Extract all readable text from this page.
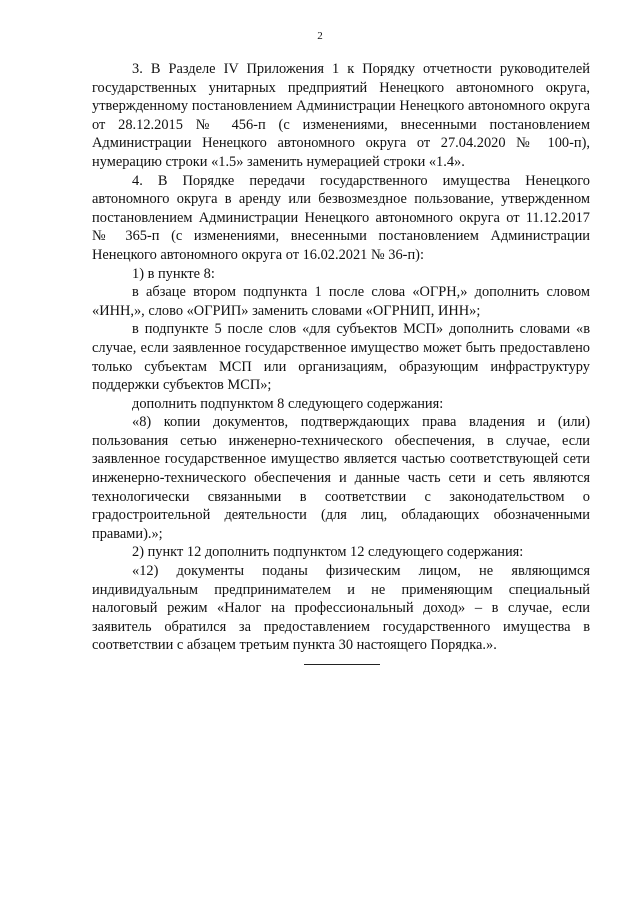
2

3. В Разделе IV Приложения 1 к Порядку отчетности руководителей государственных унитарных предприятий Ненецкого автономного округа, утвержденному постановлением Администрации Ненецкого автономного округа от 28.12.2015 № 456-п (с изменениями, внесенными постановлением Администрации Ненецкого автономного округа от 27.04.2020 № 100-п), нумерацию строки «1.5» заменить нумерацией строки «1.4».

4. В Порядке передачи государственного имущества Ненецкого автономного округа в аренду или безвозмездное пользование, утвержденном постановлением Администрации Ненецкого автономного округа от 11.12.2017 № 365-п (с изменениями, внесенными постановлением Администрации Ненецкого автономного округа от 16.02.2021 № 36-п):

1) в пункте 8:

в абзаце втором подпункта 1 после слова «ОГРН,» дополнить словом «ИНН,», слово «ОГРИП» заменить словами «ОГРНИП, ИНН»;

в подпункте 5 после слов «для субъектов МСП» дополнить словами «в случае, если заявленное государственное имущество может быть предоставлено только субъектам МСП или организациям, образующим инфраструктуру поддержки субъектов МСП»;

дополнить подпунктом 8 следующего содержания:

«8) копии документов, подтверждающих права владения и (или) пользования сетью инженерно-технического обеспечения, в случае, если заявленное государственное имущество является частью соответствующей сети инженерно-технического обеспечения и данные часть сети и сеть являются технологически связанными в соответствии с законодательством о градостроительной деятельности (для лиц, обладающих обозначенными правами).»;

2) пункт 12 дополнить подпунктом 12 следующего содержания:

«12) документы поданы физическим лицом, не являющимся индивидуальным предпринимателем и не применяющим специальный налоговый режим «Налог на профессиональный доход» – в случае, если заявитель обратился за предоставлением государственного имущества в соответствии с абзацем третьим пункта 30 настоящего Порядка.».
